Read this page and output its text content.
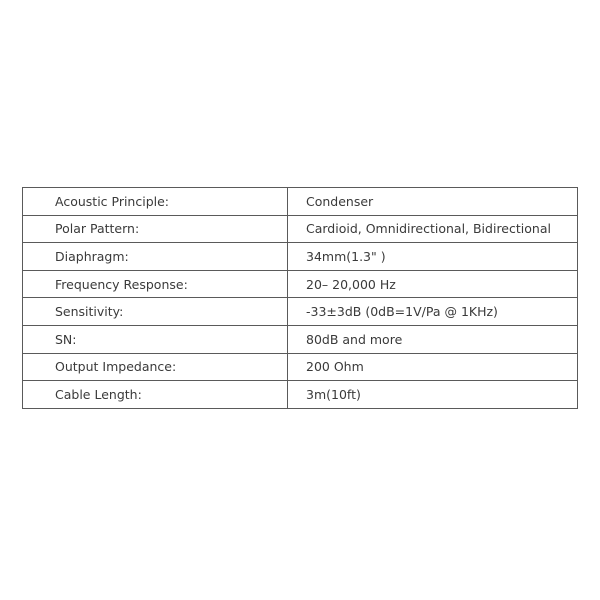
Acoustic Principle:	Condenser
Polar Pattern:	Cardioid, Omnidirectional, Bidirectional
Diaphragm:	34mm(1.3" )
Frequency Response:	20– 20,000 Hz
Sensitivity:	-33±3dB (0dB=1V/Pa @ 1KHz)
SN:	80dB and more
Output Impedance:	200 Ohm
Cable Length:	3m(10ft)
